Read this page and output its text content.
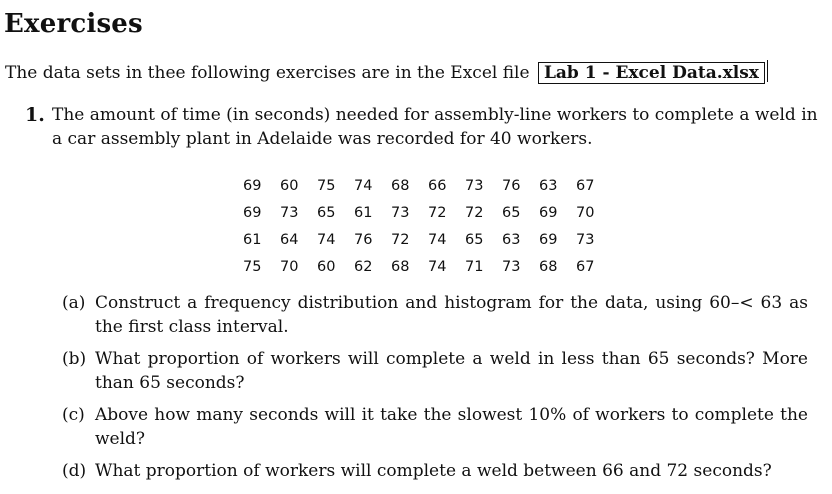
Exercises
The data sets in thee following exercises are in the Excel file Lab 1 - Excel Data.xlsx
1. The amount of time (in seconds) needed for assembly-line workers to complete a weld in a car assembly plant in Adelaide was recorded for 40 workers.
69	60	75	74	68	66	73	76	63	67
69	73	65	61	73	72	72	65	69	70
61	64	74	76	72	74	65	63	69	73
75	70	60	62	68	74	71	73	68	67
(a) Construct a frequency distribution and histogram for the data, using 60–< 63 as the first class interval.
(b) What proportion of workers will complete a weld in less than 65 seconds? More than 65 seconds?
(c) Above how many seconds will it take the slowest 10% of workers to complete the weld?
(d) What proportion of workers will complete a weld between 66 and 72 seconds?
